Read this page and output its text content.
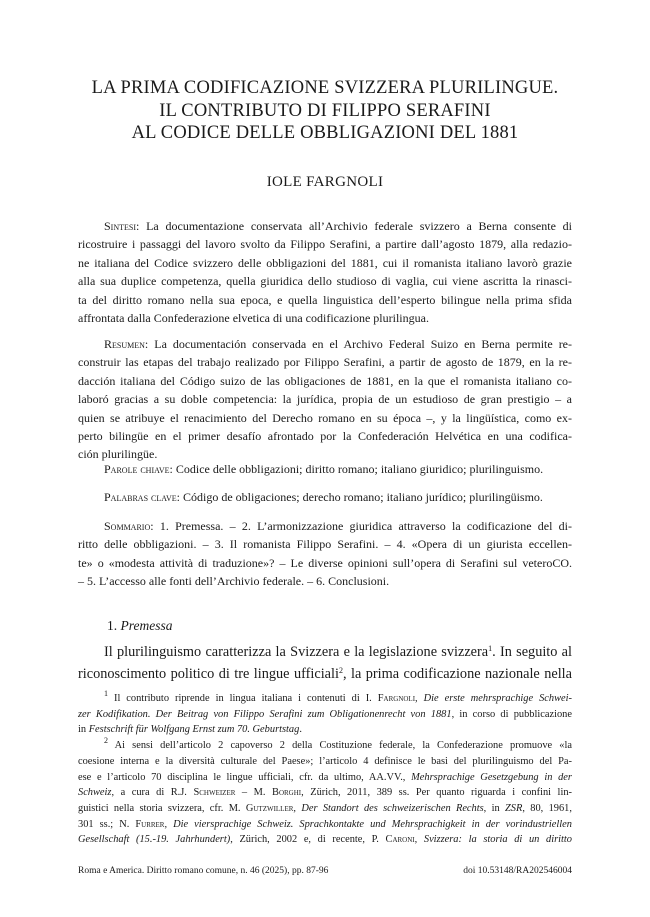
LA PRIMA CODIFICAZIONE SVIZZERA PLURILINGUE.
IL CONTRIBUTO DI FILIPPO SERAFINI
AL CODICE DELLE OBBLIGAZIONI DEL 1881
IOLE FARGNOLI
Sintesi: La documentazione conservata all’Archivio federale svizzero a Berna consente di
ricostruire i passaggi del lavoro svolto da Filippo Serafini, a partire dall’agosto 1879, alla redazio-
ne italiana del Codice svizzero delle obbligazioni del 1881, cui il romanista italiano lavorò grazie
alla sua duplice competenza, quella giuridica dello studioso di vaglia, cui viene ascritta la rinasci-
ta del diritto romano nella sua epoca, e quella linguistica dell’esperto bilingue nella prima sfida
affrontata dalla Confederazione elvetica di una codificazione plurilingua.
Resumen: La documentación conservada en el Archivo Federal Suizo en Berna permite re-
construir las etapas del trabajo realizado por Filippo Serafini, a partir de agosto de 1879, en la re-
dacción italiana del Código suizo de las obligaciones de 1881, en la que el romanista italiano co-
laboró gracias a su doble competencia: la jurídica, propia de un estudioso de gran prestigio – a
quien se atribuye el renacimiento del Derecho romano en su época –, y la lingüística, como ex-
perto bilingüe en el primer desafío afrontado por la Confederación Helvética en una codifica-
ción plurilingüe.
Parole chiave: Codice delle obbligazioni; diritto romano; italiano giuridico; plurilinguismo.
Palabras clave: Código de obligaciones; derecho romano; italiano jurídico; plurilingüismo.
Sommario: 1. Premessa. – 2. L’armonizzazione giuridica attraverso la codificazione del di-
ritto delle obbligazioni. – 3. Il romanista Filippo Serafini. – 4. «Opera di un giurista eccellen-
te» o «modesta attività di traduzione»? – Le diverse opinioni sull’opera di Serafini sul veteroCO.
– 5. L’accesso alle fonti dell’Archivio federale. – 6. Conclusioni.
1. Premessa
Il plurilinguismo caratterizza la Svizzera e la legislazione svizzera$^1$. In seguito al
riconoscimento politico di tre lingue ufficiali$^2$, la prima codificazione nazionale nella
$^1$ Il contributo riprende in lingua italiana i contenuti di I. Fargnoli, Die erste mehrsprachige Schwei-
zer Kodifikation. Der Beitrag von Filippo Serafini zum Obligationenrecht von 1881, in corso di pubblicazione
in Festschrift für Wolfgang Ernst zum 70. Geburtstag.
$^2$ Ai sensi dell’articolo 2 capoverso 2 della Costituzione federale, la Confederazione promuove «la
coesione interna e la diversità culturale del Paese»; l’articolo 4 definisce le basi del plurilinguismo del Pa-
ese e l’articolo 70 disciplina le lingue ufficiali, cfr. da ultimo, AA.VV., Mehrsprachige Gesetzgebung in der
Schweiz, a cura di R.J. Schweizer – M. Borghi, Zürich, 2011, 389 ss. Per quanto riguarda i confini lin-
guistici nella storia svizzera, cfr. M. Gutzwiller, Der Standort des schweizerischen Rechts, in ZSR, 80, 1961,
301 ss.; N. Furrer, Die viersprachige Schweiz. Sprachkontakte und Mehrsprachigkeit in der vorindustriellen
Gesellschaft (15.-19. Jahrhundert), Zürich, 2002 e, di recente, P. Caroni, Svizzera: la storia di un diritto
Roma e America. Diritto romano comune, n. 46 (2025), pp. 87-96	doi 10.53148/RA202546004
